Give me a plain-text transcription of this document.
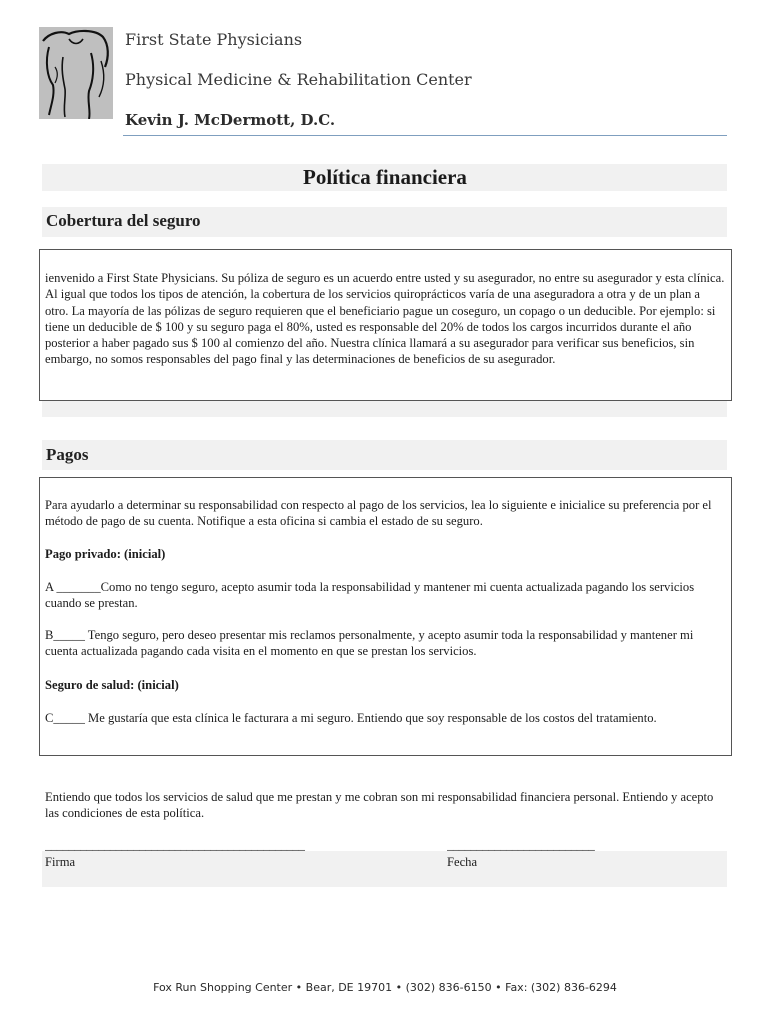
First State Physicians
Physical Medicine & Rehabilitation Center
Kevin J. McDermott, D.C.
Política financiera
Cobertura del seguro
ienvenido a First State Physicians. Su póliza de seguro es un acuerdo entre usted y su asegurador, no entre su asegurador y esta clínica. Al igual que todos los tipos de atención, la cobertura de los servicios quiroprácticos varía de una aseguradora a otra y de un plan a otro. La mayoría de las pólizas de seguro requieren que el beneficiario pague un coseguro, un copago o un deducible. Por ejemplo: si tiene un deducible de $ 100 y su seguro paga el 80%, usted es responsable del 20% de todos los cargos incurridos durante el año posterior a haber pagado sus $ 100 al comienzo del año. Nuestra clínica llamará a su asegurador para verificar sus beneficios, sin embargo, no somos responsables del pago final y las determinaciones de beneficios de su asegurador.
Pagos
Para ayudarlo a determinar su responsabilidad con respecto al pago de los servicios, lea lo siguiente e inicialice su preferencia por el método de pago de su cuenta. Notifique a esta oficina si cambia el estado de su seguro.
Pago privado: (inicial)
A _______Como no tengo seguro, acepto asumir toda la responsabilidad y mantener mi cuenta actualizada pagando los servicios cuando se prestan.
B_____ Tengo seguro, pero deseo presentar mis reclamos personalmente, y acepto asumir toda la responsabilidad y mantener mi cuenta actualizada pagando cada visita en el momento en que se prestan los servicios.
Seguro de salud: (inicial)
C_____ Me gustaría que esta clínica le facturara a mi seguro. Entiendo que soy responsable de los costos del tratamiento.
Entiendo que todos los servicios de salud que me prestan y me cobran son mi responsabilidad financiera personal. Entiendo y acepto las condiciones de esta política.
____________________________________________	_________________________
Firma	Fecha
Fox Run Shopping Center • Bear, DE 19701 • (302) 836-6150 • Fax: (302) 836-6294
